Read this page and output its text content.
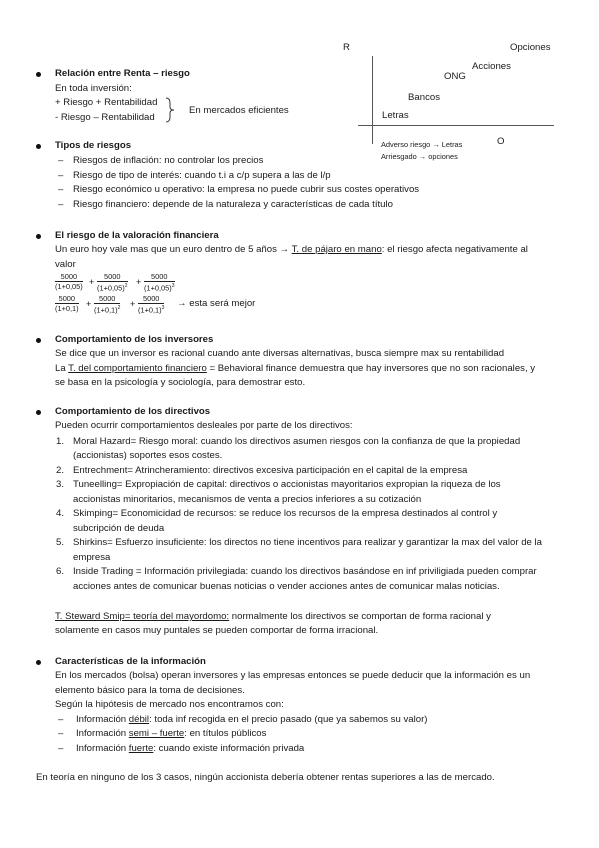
R	Opciones
Acciones
ONG
Bancos
Letras
O
Adverso riesgo → Letras
Arriesgado → opciones
Relación entre Renta – riesgo
En toda inversión:
+ Riesgo + Rentabilidad
- Riesgo – Rentabilidad
En mercados eficientes
Tipos de riesgos
– Riesgos de inflación: no controlar los precios
– Riesgo de tipo de interés: cuando t.i a c/p supera a las de l/p
– Riesgo económico u operativo: la empresa no puede cubrir sus costes operativos
– Riesgo financiero: depende de la naturaleza y características de cada título
El riesgo de la valoración financiera
Un euro hoy vale mas que un euro dentro de 5 años → T. de pájaro en mano: el riesgo afecta negativamente al
valor
$\frac{5000}{(1+0,05)} + \frac{5000}{(1+0,05)^2} + \frac{5000}{(1+0,05)^3}$
$\frac{5000}{(1+0,1)} + \frac{5000}{(1+0,1)^2} + \frac{5000}{(1+0,1)^3}$ → esta será mejor
Comportamiento de los inversores
Se dice que un inversor es racional cuando ante diversas alternativas, busca siempre max su rentabilidad
La T. del comportamiento financiero = Behavioral finance demuestra que hay inversores que no son racionales, y
se basa en la psicología y sociología, para demostrar esto.
Comportamiento de los directivos
Pueden ocurrir comportamientos desleales por parte de los directivos:
1. Moral Hazard= Riesgo moral: cuando los directivos asumen riesgos con la confianza de que la propiedad
(accionistas) soportes esos costes.
2. Entrechment= Atrincheramiento: directivos excesiva participación en el capital de la empresa
3. Tuneelling= Expropiación de capital: directivos o accionistas mayoritarios expropian la riqueza de los
accionistas minoritarios, mecanismos de venta a precios inferiores a su cotización
4. Skimping= Economicidad de recursos: se reduce los recursos de la empresa destinados al control y
subcripción de deuda
5. Shirkins= Esfuerzo insuficiente: los directos no tiene incentivos para realizar y garantizar la max del valor de la
empresa
6. Inside Trading = Información privilegiada: cuando los directivos basándose en inf priviligiada pueden comprar
acciones antes de comunicar buenas noticias o vender acciones antes de comunicar malas noticias.
T. Steward Smip= teoría del mayordomo: normalmente los directivos se comportan de forma racional y
solamente en casos muy puntales se pueden comportar de forma irracional.
Características de la información
En los mercados (bolsa) operan inversores y las empresas entonces se puede deducir que la información es un
elemento básico para la toma de decisiones.
Según la hipótesis de mercado nos encontramos con:
– Información débil: toda inf recogida en el precio pasado (que ya sabemos su valor)
– Información semi – fuerte: en títulos públicos
– Información fuerte: cuando existe información privada
En teoría en ninguno de los 3 casos, ningún accionista debería obtener rentas superiores a las de mercado.
